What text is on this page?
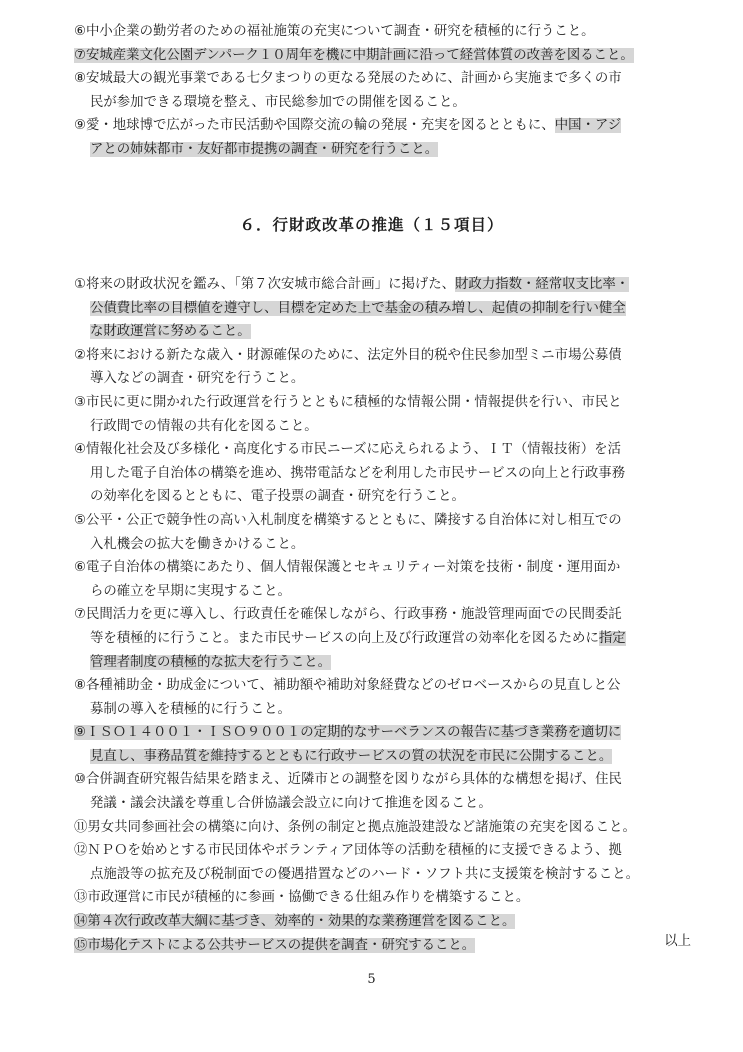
⑥中小企業の勤労者のための福祉施策の充実について調査・研究を積極的に行うこと。
⑦安城産業文化公園デンパーク１０周年を機に中期計画に沿って経営体質の改善を図ること。
⑧安城最大の観光事業である七夕まつりの更なる発展のために、計画から実施まで多くの市
民が参加できる環境を整え、市民総参加での開催を図ること。
⑨愛・地球博で広がった市民活動や国際交流の輪の発展・充実を図るとともに、中国・アジ
アとの姉妹都市・友好都市提携の調査・研究を行うこと。
６．行財政改革の推進（１５項目）
①将来の財政状況を鑑み、「第７次安城市総合計画」に掲げた、財政力指数・経常収支比率・
公債費比率の目標値を遵守し、目標を定めた上で基金の積み増し、起債の抑制を行い健全
な財政運営に努めること。
②将来における新たな歳入・財源確保のために、法定外目的税や住民参加型ミニ市場公募債
導入などの調査・研究を行うこと。
③市民に更に開かれた行政運営を行うとともに積極的な情報公開・情報提供を行い、市民と
行政間での情報の共有化を図ること。
④情報化社会及び多様化・高度化する市民ニーズに応えられるよう、ＩＴ（情報技術）を活
用した電子自治体の構築を進め、携帯電話などを利用した市民サービスの向上と行政事務
の効率化を図るとともに、電子投票の調査・研究を行うこと。
⑤公平・公正で競争性の高い入札制度を構築するとともに、隣接する自治体に対し相互での
入札機会の拡大を働きかけること。
⑥電子自治体の構築にあたり、個人情報保護とセキュリティー対策を技術・制度・運用面か
らの確立を早期に実現すること。
⑦民間活力を更に導入し、行政責任を確保しながら、行政事務・施設管理両面での民間委託
等を積極的に行うこと。また市民サービスの向上及び行政運営の効率化を図るために指定
管理者制度の積極的な拡大を行うこと。
⑧各種補助金・助成金について、補助額や補助対象経費などのゼロベースからの見直しと公
募制の導入を積極的に行うこと。
⑨ＩＳＯ１４００１・ＩＳＯ９００１の定期的なサーベランスの報告に基づき業務を適切に
見直し、事務品質を維持するとともに行政サービスの質の状況を市民に公開すること。
⑩合併調査研究報告結果を踏まえ、近隣市との調整を図りながら具体的な構想を掲げ、住民
発議・議会決議を尊重し合併協議会設立に向けて推進を図ること。
⑪男女共同参画社会の構築に向け、条例の制定と拠点施設建設など諸施策の充実を図ること。
⑫ＮＰＯを始めとする市民団体やボランティア団体等の活動を積極的に支援できるよう、拠
点施設等の拡充及び税制面での優遇措置などのハード・ソフト共に支援策を検討すること。
⑬市政運営に市民が積極的に参画・協働できる仕組み作りを構築すること。
⑭第４次行政改革大綱に基づき、効率的・効果的な業務運営を図ること。
⑮市場化テストによる公共サービスの提供を調査・研究すること。	以上

5
